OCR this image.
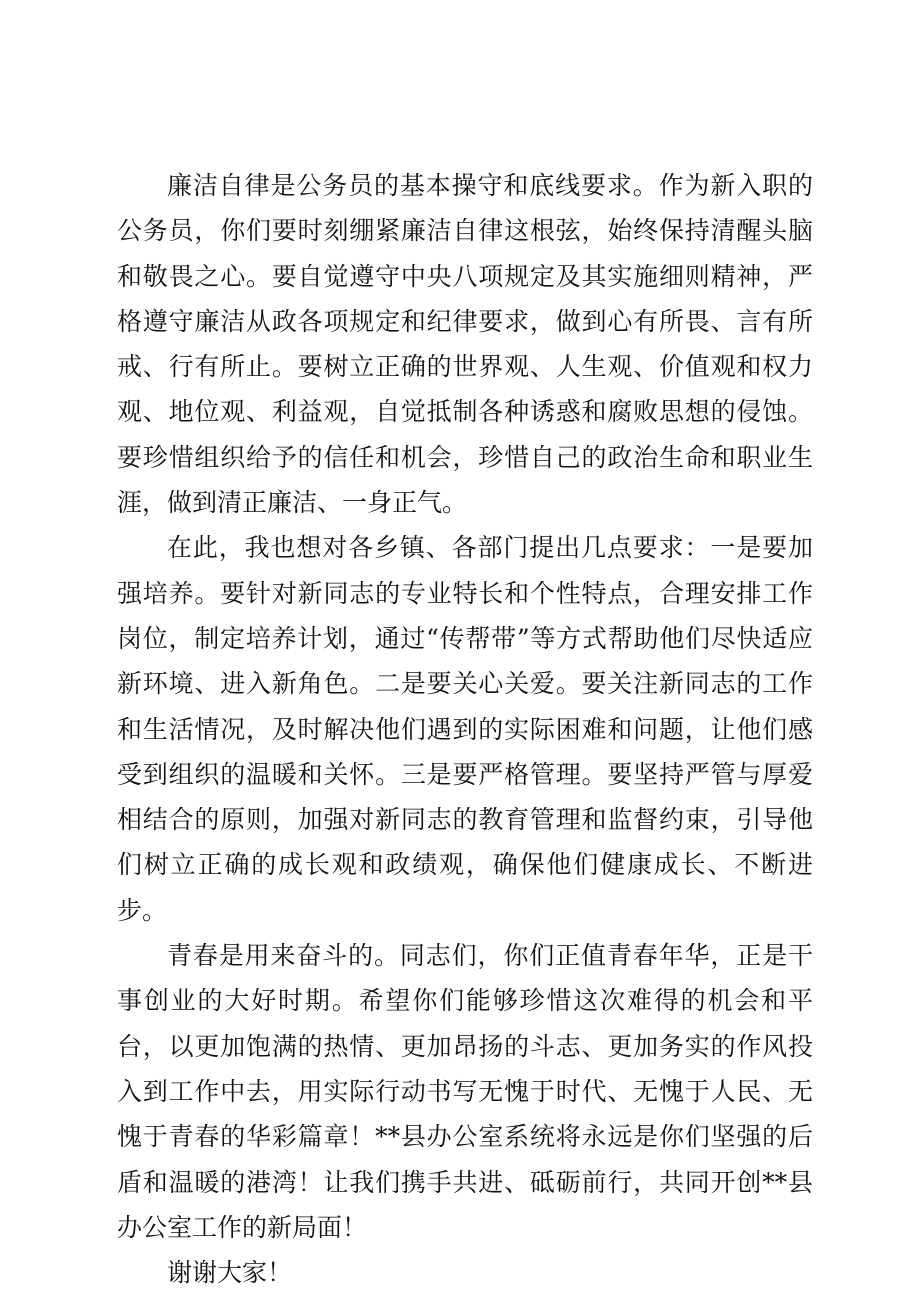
廉洁自律是公务员的基本操守和底线要求。作为新入职的公务员，你们要时刻绷紧廉洁自律这根弦，始终保持清醒头脑和敬畏之心。要自觉遵守中央八项规定及其实施细则精神，严格遵守廉洁从政各项规定和纪律要求，做到心有所畏、言有所戒、行有所止。要树立正确的世界观、人生观、价值观和权力观、地位观、利益观，自觉抵制各种诱惑和腐败思想的侵蚀。要珍惜组织给予的信任和机会，珍惜自己的政治生命和职业生涯，做到清正廉洁、一身正气。

在此，我也想对各乡镇、各部门提出几点要求：一是要加强培养。要针对新同志的专业特长和个性特点，合理安排工作岗位，制定培养计划，通过“传帮带”等方式帮助他们尽快适应新环境、进入新角色。二是要关心关爱。要关注新同志的工作和生活情况，及时解决他们遇到的实际困难和问题，让他们感受到组织的温暖和关怀。三是要严格管理。要坚持严管与厚爱相结合的原则，加强对新同志的教育管理和监督约束，引导他们树立正确的成长观和政绩观，确保他们健康成长、不断进步。

青春是用来奋斗的。同志们，你们正值青春年华，正是干事创业的大好时期。希望你们能够珍惜这次难得的机会和平台，以更加饱满的热情、更加昂扬的斗志、更加务实的作风投入到工作中去，用实际行动书写无愧于时代、无愧于人民、无愧于青春的华彩篇章！**县办公室系统将永远是你们坚强的后盾和温暖的港湾！让我们携手共进、砥砺前行，共同开创**县办公室工作的新局面！

谢谢大家！
